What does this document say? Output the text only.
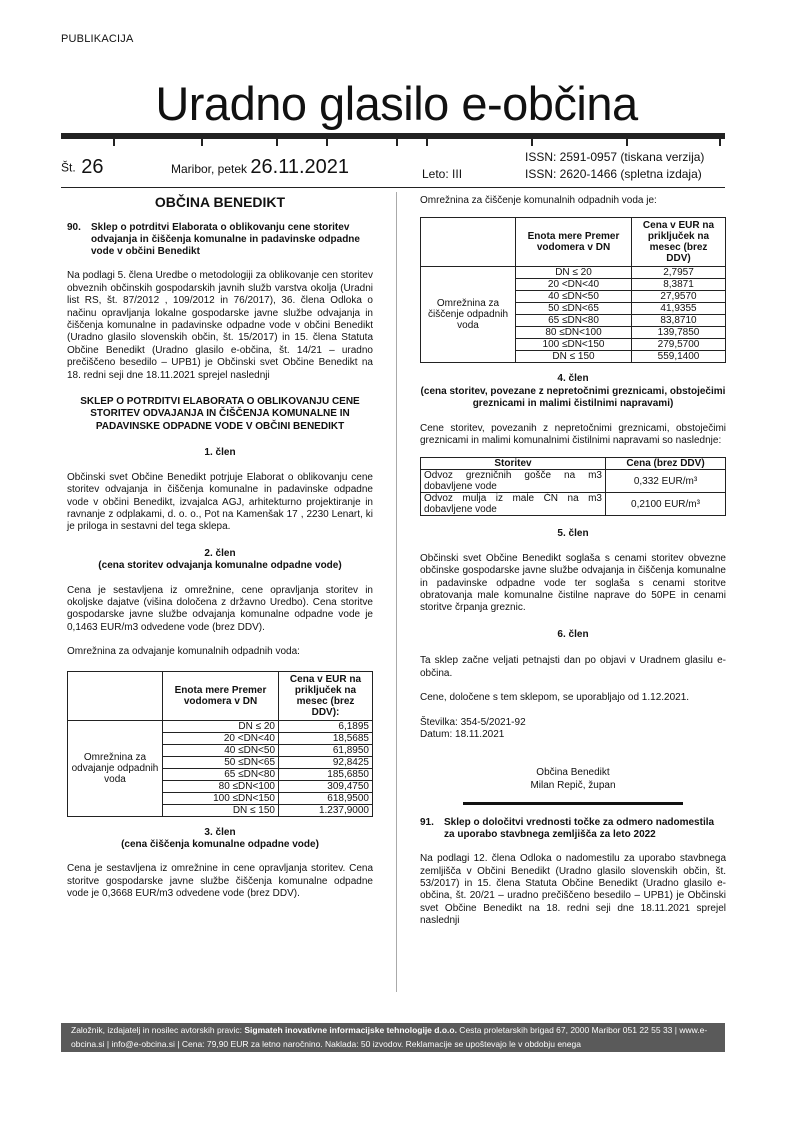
PUBLIKACIJA
Uradno glasilo e-občina
Št. 26	Maribor, petek 26.11.2021	Leto: III
ISSN: 2591-0957 (tiskana verzija)
ISSN: 2620-1466 (spletna izdaja)
OBČINA BENEDIKT
90.	Sklep o potrditvi Elaborata o oblikovanju cene storitev odvajanja in čiščenja komunalne in padavinske odpadne vode v občini Benedikt

Na podlagi 5. člena Uredbe o metodologiji za oblikovanje cen storitev obveznih občinskih gospodarskih javnih služb varstva okolja (Uradni list RS, št. 87/2012 , 109/2012 in 76/2017), 36. člena Odloka o načinu opravljanja lokalne gospodarske javne službe odvajanja in čiščenja komunalne in padavinske odpadne vode v občini Benedikt (Uradno glasilo slovenskih občin, št. 15/2017) in 15. člena Statuta Občine Benedikt (Uradno glasilo e-občina, št. 14/21 – uradno prečiščeno besedilo – UPB1) je Občinski svet Občine Benedikt na 18. redni seji dne 18.11.2021 sprejel naslednji

SKLEP O POTRDITVI ELABORATA O OBLIKOVANJU CENE STORITEV ODVAJANJA IN ČIŠČENJA KOMUNALNE IN PADAVINSKE ODPADNE VODE V OBČINI BENEDIKT

1. člen

Občinski svet Občine Benedikt potrjuje Elaborat o oblikovanju cene storitev odvajanja in čiščenja komunalne in padavinske odpadne vode v občini Benedikt, izvajalca AGJ, arhitekturno projektiranje in ravnanje z odplakami, d. o. o., Pot na Kamenšak 17 , 2230 Lenart, ki je priloga in sestavni del tega sklepa.

2. člen

(cena storitev odvajanja komunalne odpadne vode)

Cena je sestavljena iz omrežnine, cene opravljanja storitev in okoljske dajatve (višina določena z državno Uredbo). Cena storitve gospodarske javne službe odvajanja komunalne odpadne vode je 0,1463 EUR/m3 odvedene vode (brez DDV).

Omrežnina za odvajanje komunalnih odpadnih voda:

	Enota mere Premer vodomera v DN	Cena v EUR na priključek na mesec (brez DDV):
Omrežnina za odvajanje odpadnih voda	DN ≤ 20	6,1895
	20 <DN<40	18,5685
	40 ≤DN<50	61,8950
	50 ≤DN<65	92,8425
	65 ≤DN<80	185,6850
	80 ≤DN<100	309,4750
	100 ≤DN<150	618,9500
	DN ≤ 150	1.237,9000

3. člen

(cena čiščenja komunalne odpadne vode)

Cena je sestavljena iz omrežnine in cene opravljanja storitev. Cena storitve gospodarske javne službe čiščenja komunalne odpadne vode je 0,3668 EUR/m3 odvedene vode (brez DDV).

Omrežnina za čiščenje komunalnih odpadnih voda je:

	Enota mere Premer vodomera v DN	Cena v EUR na priključek na mesec (brez DDV)
Omrežnina za čiščenje odpadnih voda	DN ≤ 20	2,7957
	20 <DN<40	8,3871
	40 ≤DN<50	27,9570
	50 ≤DN<65	41,9355
	65 ≤DN<80	83,8710
	80 ≤DN<100	139,7850
	100 ≤DN<150	279,5700
	DN ≤ 150	559,1400

4. člen

(cena storitev, povezane z nepretočnimi greznicami, obstoječimi greznicami in malimi čistilnimi napravami)

Cene storitev, povezanih z nepretočnimi greznicami, obstoječimi greznicami in malimi komunalnimi čistilnimi napravami so naslednje:

Storitev	Cena (brez DDV)
Odvoz grezničnih gošče na m3 dobavljene vode	0,332 EUR/m³
Odvoz mulja iz male ČN na m3 dobavljene vode	0,2100 EUR/m³

5. člen

Občinski svet Občine Benedikt soglaša s cenami storitev obvezne občinske gospodarske javne službe odvajanja in čiščenja komunalne in padavinske odpadne vode ter soglaša s cenami storitve obratovanja male komunalne čistilne naprave do 50PE in cenami storitve črpanja greznic.

6. člen

Ta sklep začne veljati petnajsti dan po objavi v Uradnem glasilu e-občina.

Cene, določene s tem sklepom, se uporabljajo od 1.12.2021.

Številka: 354-5/2021-92

Datum: 18.11.2021

Občina Benedikt

Milan Repič, župan

91.	Sklep o določitvi vrednosti točke za odmero nadomestila za uporabo stavbnega zemljišča za leto 2022

Na podlagi 12. člena Odloka o nadomestilu za uporabo stavbnega zemljišča v Občini Benedikt (Uradno glasilo slovenskih občin, št. 53/2017) in 15. člena Statuta Občine Benedikt (Uradno glasilo e-občina, št. 20/21 – uradno prečiščeno besedilo – UPB1) je Občinski svet Občine Benedikt na 18. redni seji dne 18.11.2021 sprejel naslednji

Založnik, izdajatelj in nosilec avtorskih pravic: Sigmateh inovativne informacijske tehnologije d.o.o. Cesta proletarskih brigad 67, 2000 Maribor 051 22 55 33 | www.e-obcina.si | info@e-obcina.si | Cena: 79,90 EUR za letno naročnino. Naklada: 50 izvodov. Reklamacije se upoštevajo le v obdobju enega
